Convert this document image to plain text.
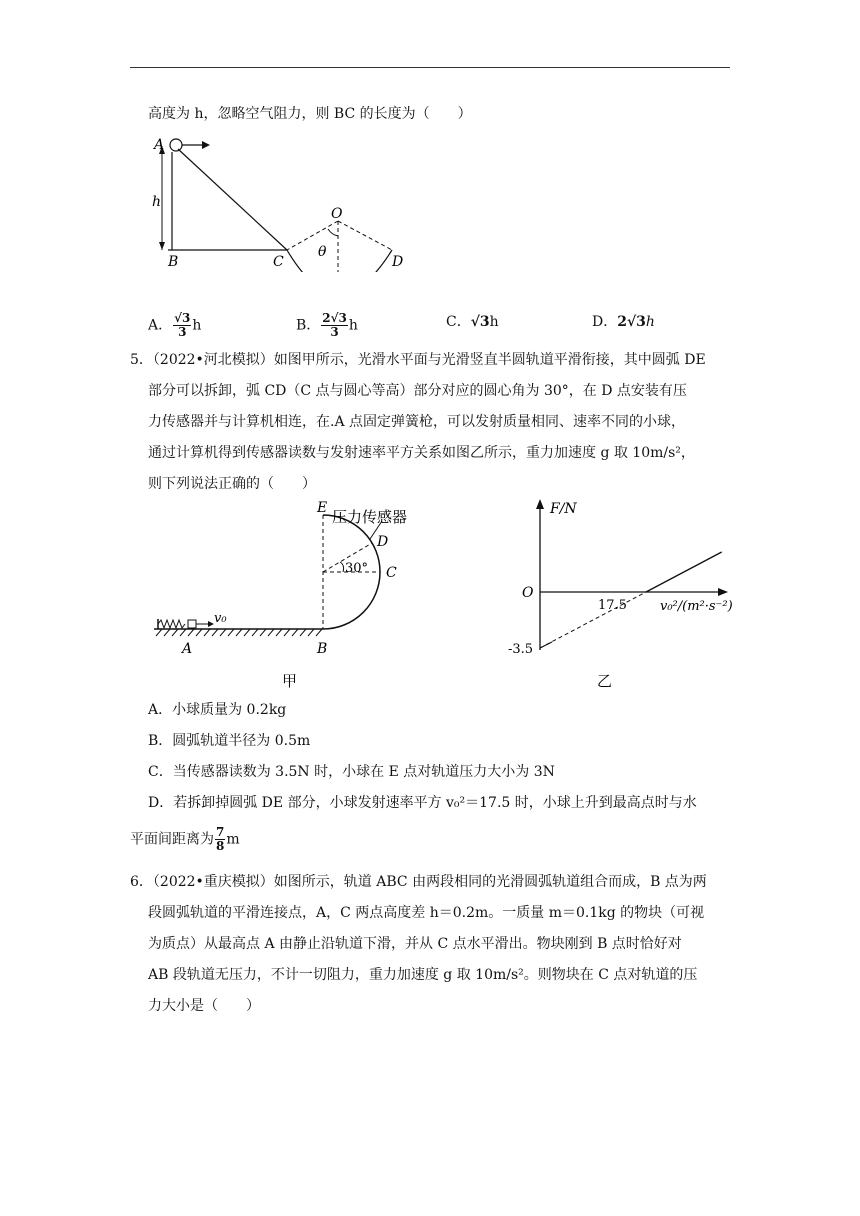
高度为 h，忽略空气阻力，则 BC 的长度为（　　）
A
h
B	C
O
θ
D
A． $\frac{√3}{3}$ h	B． $\frac{2√3}{3}$ h	C．√3h	D．2√3h
5．（2022•河北模拟）如图甲所示，光滑水平面与光滑竖直半圆轨道平滑衔接，其中圆弧 DE
部分可以拆卸，弧 CD（C 点与圆心等高）部分对应的圆心角为 30°，在 D 点安装有压
力传感器并与计算机相连，在.A 点固定弹簧枪，可以发射质量相同、速率不同的小球，
通过计算机得到传感器读数与发射速率平方关系如图乙所示，重力加速度 g 取 10m/s²，
则下列说法正确的（　　）
v₀
30°
压力传感器
E
D
C
B
A
甲
F/N
O
17.5
-3.5
v₀²/(m²·s⁻²)
乙
A．小球质量为 0.2kg
B．圆弧轨道半径为 0.5m
C．当传感器读数为 3.5N 时，小球在 E 点对轨道压力大小为 3N
D．若拆卸掉圆弧 DE 部分，小球发射速率平方 v₀²＝17.5 时，小球上升到最高点时与水
平面间距离为 $\frac{7}{8}$ m
6．（2022•重庆模拟）如图所示，轨道 ABC 由两段相同的光滑圆弧轨道组合而成，B 点为两
段圆弧轨道的平滑连接点，A，C 两点高度差 h＝0.2m。一质量 m＝0.1kg 的物块（可视
为质点）从最高点 A 由静止沿轨道下滑，并从 C 点水平滑出。物块刚到 B 点时恰好对
AB 段轨道无压力，不计一切阻力，重力加速度 g 取 10m/s²。则物块在 C 点对轨道的压
力大小是（　　）
